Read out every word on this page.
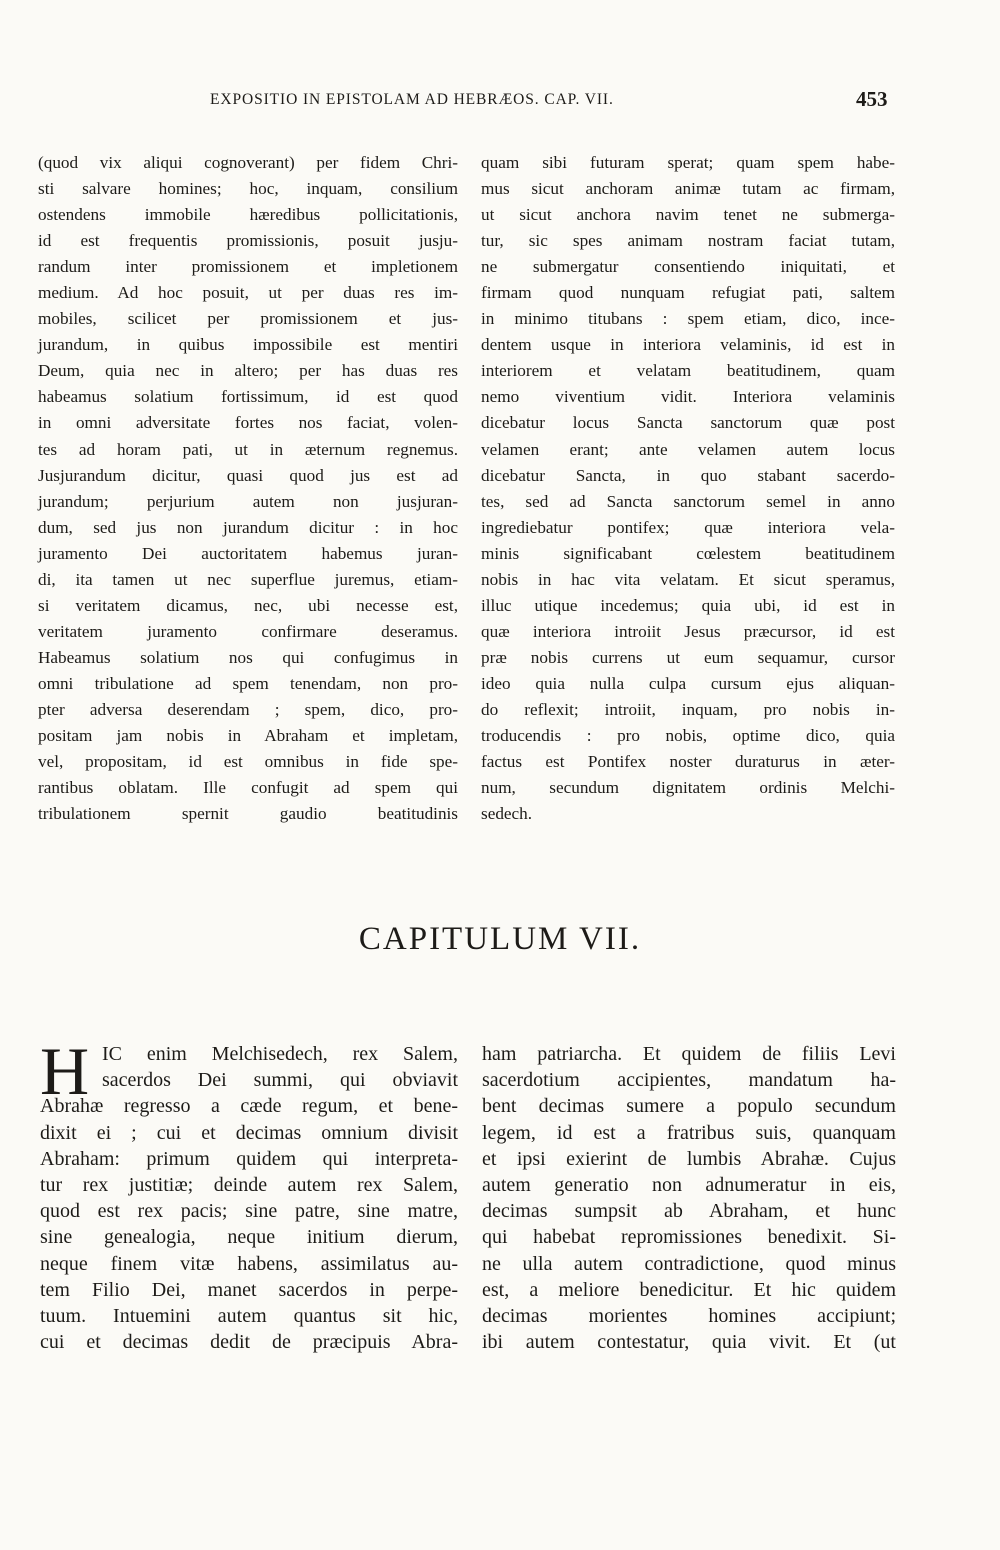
EXPOSITIO IN EPISTOLAM AD HEBRÆOS. CAP. VII.	453
(quod vix aliqui cognoverant) per fidem Chri-
sti salvare homines; hoc, inquam, consilium
ostendens immobile hæredibus pollicitationis,
id est frequentis promissionis, posuit jusju-
randum inter promissionem et impletionem
medium. Ad hoc posuit, ut per duas res im-
mobiles, scilicet per promissionem et jus-
jurandum, in quibus impossibile est mentiri
Deum, quia nec in altero; per has duas res
habeamus solatium fortissimum, id est quod
in omni adversitate fortes nos faciat, volen-
tes ad horam pati, ut in æternum regnemus.
Jusjurandum dicitur, quasi quod jus est ad
jurandum; perjurium autem non jusjuran-
dum, sed jus non jurandum dicitur : in hoc
juramento Dei auctoritatem habemus juran-
di, ita tamen ut nec superflue juremus, etiam-
si veritatem dicamus, nec, ubi necesse est,
veritatem juramento confirmare deseramus.
Habeamus solatium nos qui confugimus in
omni tribulatione ad spem tenendam, non pro-
pter adversa deserendam ; spem, dico, pro-
positam jam nobis in Abraham et impletam,
vel, propositam, id est omnibus in fide spe-
rantibus oblatam. Ille confugit ad spem qui
tribulationem spernit gaudio beatitudinis
quam sibi futuram sperat; quam spem habe-
mus sicut anchoram animæ tutam ac firmam,
ut sicut anchora navim tenet ne submerga-
tur, sic spes animam nostram faciat tutam,
ne submergatur consentiendo iniquitati, et
firmam quod nunquam refugiat pati, saltem
in minimo titubans : spem etiam, dico, ince-
dentem usque in interiora velaminis, id est in
interiorem et velatam beatitudinem, quam
nemo viventium vidit. Interiora velaminis
dicebatur locus Sancta sanctorum quæ post
velamen erant; ante velamen autem locus
dicebatur Sancta, in quo stabant sacerdo-
tes, sed ad Sancta sanctorum semel in anno
ingrediebatur pontifex; quæ interiora vela-
minis significabant cœlestem beatitudinem
nobis in hac vita velatam. Et sicut speramus,
illuc utique incedemus; quia ubi, id est in
quæ interiora introiit Jesus præcursor, id est
præ nobis currens ut eum sequamur, cursor
ideo quia nulla culpa cursum ejus aliquan-
do reflexit; introiit, inquam, pro nobis in-
troducendis : pro nobis, optime dico, quia
factus est Pontifex noster duraturus in æter-
num, secundum dignitatem ordinis Melchi-
sedech.
CAPITULUM VII.
H IC enim Melchisedech, rex Salem,
sacerdos Dei summi, qui obviavit
Abrahæ regresso a cæde regum, et bene-
dixit ei ; cui et decimas omnium divisit
Abraham: primum quidem qui interpreta-
tur rex justitiæ; deinde autem rex Salem,
quod est rex pacis; sine patre, sine matre,
sine genealogia, neque initium dierum,
neque finem vitæ habens, assimilatus au-
tem Filio Dei, manet sacerdos in perpe-
tuum. Intuemini autem quantus sit hic,
cui et decimas dedit de præcipuis Abra-
ham patriarcha. Et quidem de filiis Levi
sacerdotium accipientes, mandatum ha-
bent decimas sumere a populo secundum
legem, id est a fratribus suis, quanquam
et ipsi exierint de lumbis Abrahæ. Cujus
autem generatio non adnumeratur in eis,
decimas sumpsit ab Abraham, et hunc
qui habebat repromissiones benedixit. Si-
ne ulla autem contradictione, quod minus
est, a meliore benedicitur. Et hic quidem
decimas morientes homines accipiunt;
ibi autem contestatur, quia vivit. Et (ut
